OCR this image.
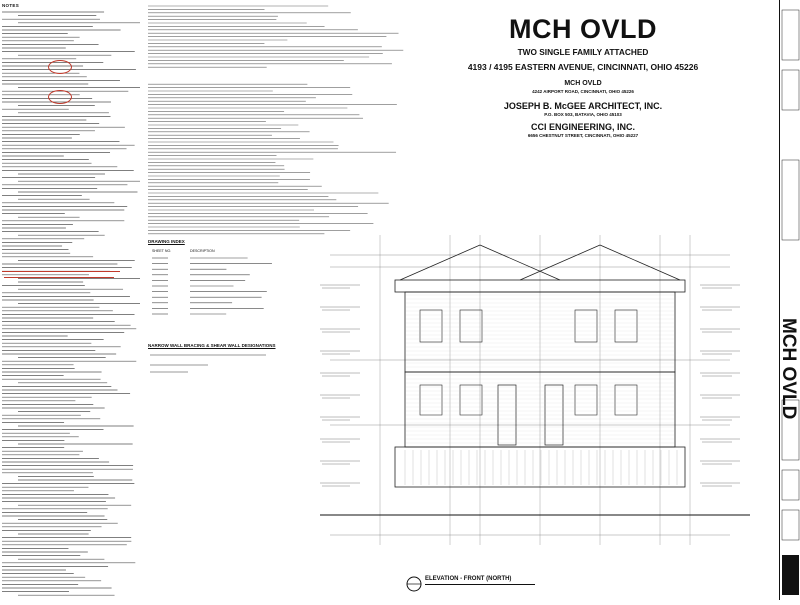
NOTES
MCH OVLD
TWO SINGLE FAMILY ATTACHED
4193 / 4195 EASTERN AVENUE, CINCINNATI, OHIO 45226
MCH OVLD
4242 AIRPORT ROAD, CINCINNATI, OHIO 45226
JOSEPH B. McGEE ARCHITECT, INC.
P.O. BOX 503, BATAVIA, OHIO 45103
CCI ENGINEERING, INC.
6656 CHESTNUT STREET, CINCINNATI, OHIO 45227
DRAWING INDEX
SHEET NO.	DESCRIPTION
NARROW WALL BRACING & SHEAR WALL DESIGNATIONS
ELEVATION - FRONT (NORTH)
MCH OVLD
